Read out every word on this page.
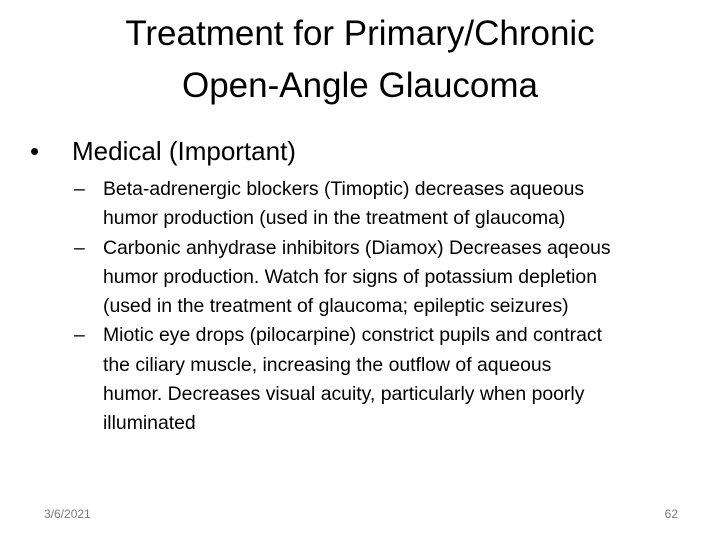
Treatment for Primary/Chronic
Open-Angle Glaucoma
• Medical (Important)
– Beta-adrenergic blockers (Timoptic) decreases aqueous
humor production (used in the treatment of glaucoma)
– Carbonic anhydrase inhibitors (Diamox) Decreases aqeous
humor production. Watch for signs of potassium depletion
(used in the treatment of glaucoma; epileptic seizures)
– Miotic eye drops (pilocarpine) constrict pupils and contract
the ciliary muscle, increasing the outflow of aqueous
humor. Decreases visual acuity, particularly when poorly
illuminated
3/6/2021	62
